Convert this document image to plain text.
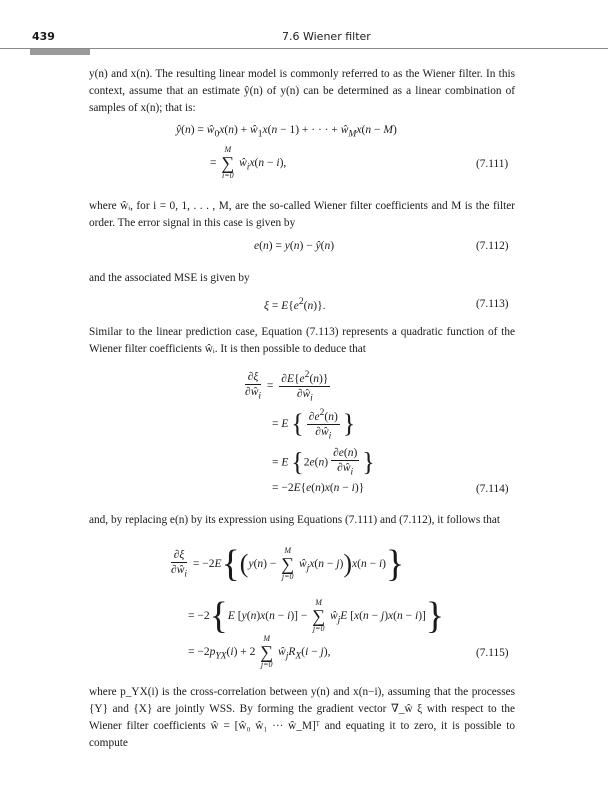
439	7.6 Wiener filter

y(n) and x(n). The resulting linear model is commonly referred to as the Wiener filter. In this context, assume that an estimate ŷ(n) of y(n) can be determined as a linear combination of samples of x(n); that is:

ŷ(n) = $ŵ_0x(n)$ + $ŵ_1x(n - 1)$ + · · · + $ŵ_Mx(n - M)$
= ∑
M
i=0
$ŵ_ix(n - i)$,	(7.111)

where ŵᵢ, for i = 0, 1, . . . , M, are the so-called Wiener filter coefficients and M is the filter order. The error signal in this case is given by

e(n) = y(n) − ŷ(n)	(7.112)

and the associated MSE is given by

$\xi = E\{e^2(n)\}$.	(7.113)

Similar to the linear prediction case, Equation (7.113) represents a quadratic function of the Wiener filter coefficients ŵᵢ. It is then possible to deduce that

$\frac{\partial\xi}{\partial ŵ_i} = \frac{\partial E\{e^2(n)\}}{\partial ŵ_i}$
= E { $\frac{\partial e^2(n)}{\partial ŵ_i}$ }
= E {$2e(n) \frac{\partial e(n)}{\partial ŵ_i}$ }
= −2E{e(n)x(n − i)}	(7.114)

and, by replacing e(n) by its expression using Equations (7.111) and (7.112), it follows that

$\frac{\partial\xi}{\partial ŵ_i} = -2E\{(y(n)$ − ∑
M
j=0
$ŵ_jx(n - j))x(n - i)$}
= −2{E [y(n)x(n − i)] − ∑
M
j=0
$ŵ_jE$ [x(n − j)x(n − i)]}
= $-2p_{YX}(i) + 2$ ∑
M
j=0
$ŵ_jR_X(i - j)$,	(7.115)

where p_YX(i) is the cross-correlation between y(n) and x(n−i), assuming that the processes {Y} and {X} are jointly WSS. By forming the gradient vector ∇_ŵ ξ with respect to the Wiener filter coefficients ŵ = [ŵ₀ ŵ₁ ··· ŵ_M]ᵀ and equating it to zero, it is possible to compute
